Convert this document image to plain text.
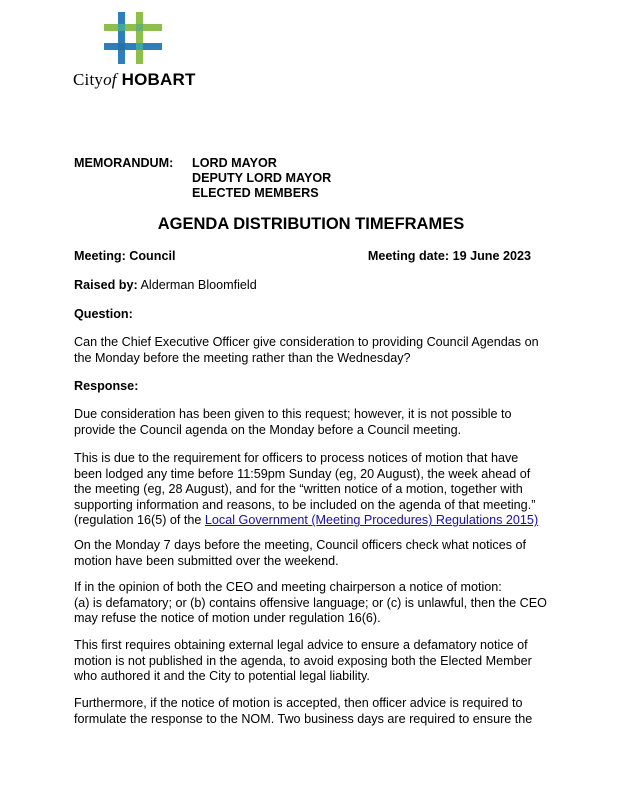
Cityof HOBART
MEMORANDUM: LORD MAYOR
DEPUTY LORD MAYOR
ELECTED MEMBERS
AGENDA DISTRIBUTION TIMEFRAMES
Meeting: Council	Meeting date: 19 June 2023
Raised by: Alderman Bloomfield
Question:
Can the Chief Executive Officer give consideration to providing Council Agendas on
the Monday before the meeting rather than the Wednesday?
Response:
Due consideration has been given to this request; however, it is not possible to
provide the Council agenda on the Monday before a Council meeting.
This is due to the requirement for officers to process notices of motion that have
been lodged any time before 11:59pm Sunday (eg, 20 August), the week ahead of
the meeting (eg, 28 August), and for the “written notice of a motion, together with
supporting information and reasons, to be included on the agenda of that meeting.”
(regulation 16(5) of the Local Government (Meeting Procedures) Regulations 2015)
On the Monday 7 days before the meeting, Council officers check what notices of
motion have been submitted over the weekend.
If in the opinion of both the CEO and meeting chairperson a notice of motion:
(a) is defamatory; or (b) contains offensive language; or (c) is unlawful, then the CEO
may refuse the notice of motion under regulation 16(6).
This first requires obtaining external legal advice to ensure a defamatory notice of
motion is not published in the agenda, to avoid exposing both the Elected Member
who authored it and the City to potential legal liability.
Furthermore, if the notice of motion is accepted, then officer advice is required to
formulate the response to the NOM. Two business days are required to ensure the
